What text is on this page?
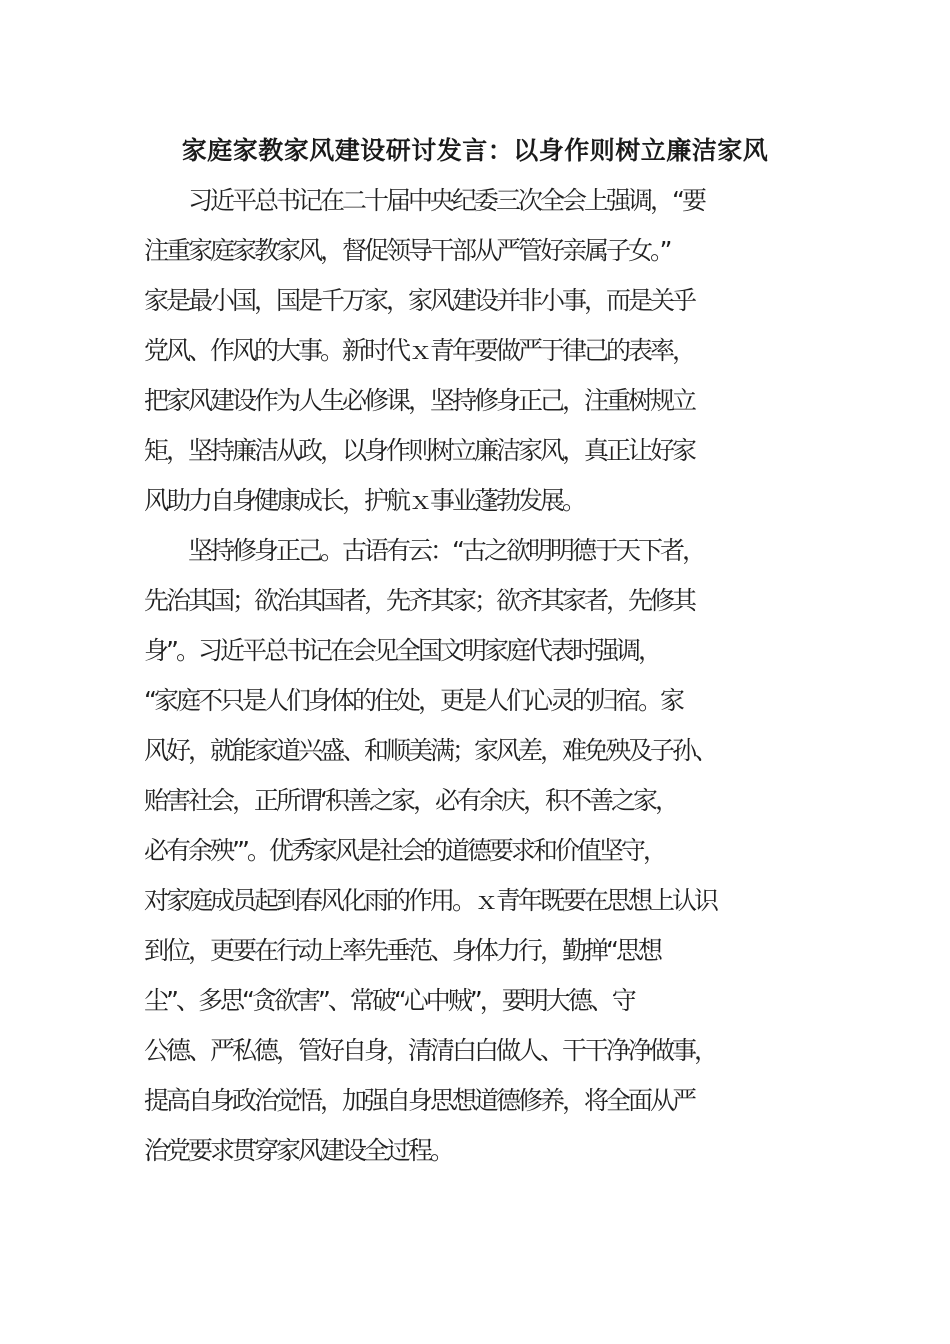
家庭家教家风建设研讨发言：以身作则树立廉洁家风
习近平总书记在二十届中央纪委三次全会上强调，“要
注重家庭家教家风，督促领导干部从严管好亲属子女。”
家是最小国，国是千万家，家风建设并非小事，而是关乎
党风、作风的大事。新时代ｘ青年要做严于律己的表率，
把家风建设作为人生必修课，坚持修身正己，注重树规立
矩，坚持廉洁从政，以身作则树立廉洁家风，真正让好家
风助力自身健康成长，护航ｘ事业蓬勃发展。
坚持修身正己。古语有云：“古之欲明明德于天下者，
先治其国；欲治其国者，先齐其家；欲齐其家者，先修其
身”。习近平总书记在会见全国文明家庭代表时强调，
“家庭不只是人们身体的住处，更是人们心灵的归宿。家
风好，就能家道兴盛、和顺美满；家风差，难免殃及子孙、
贻害社会，正所谓‘积善之家，必有余庆，积不善之家，
必有余殃’”。优秀家风是社会的道德要求和价值坚守，
对家庭成员起到春风化雨的作用。ｘ青年既要在思想上认识
到位，更要在行动上率先垂范、身体力行，勤掸“思想
尘”、多思“贪欲害”、常破“心中贼”，要明大德、守
公德、严私德，管好自身，清清白白做人、干干净净做事，
提高自身政治觉悟，加强自身思想道德修养，将全面从严
治党要求贯穿家风建设全过程。
